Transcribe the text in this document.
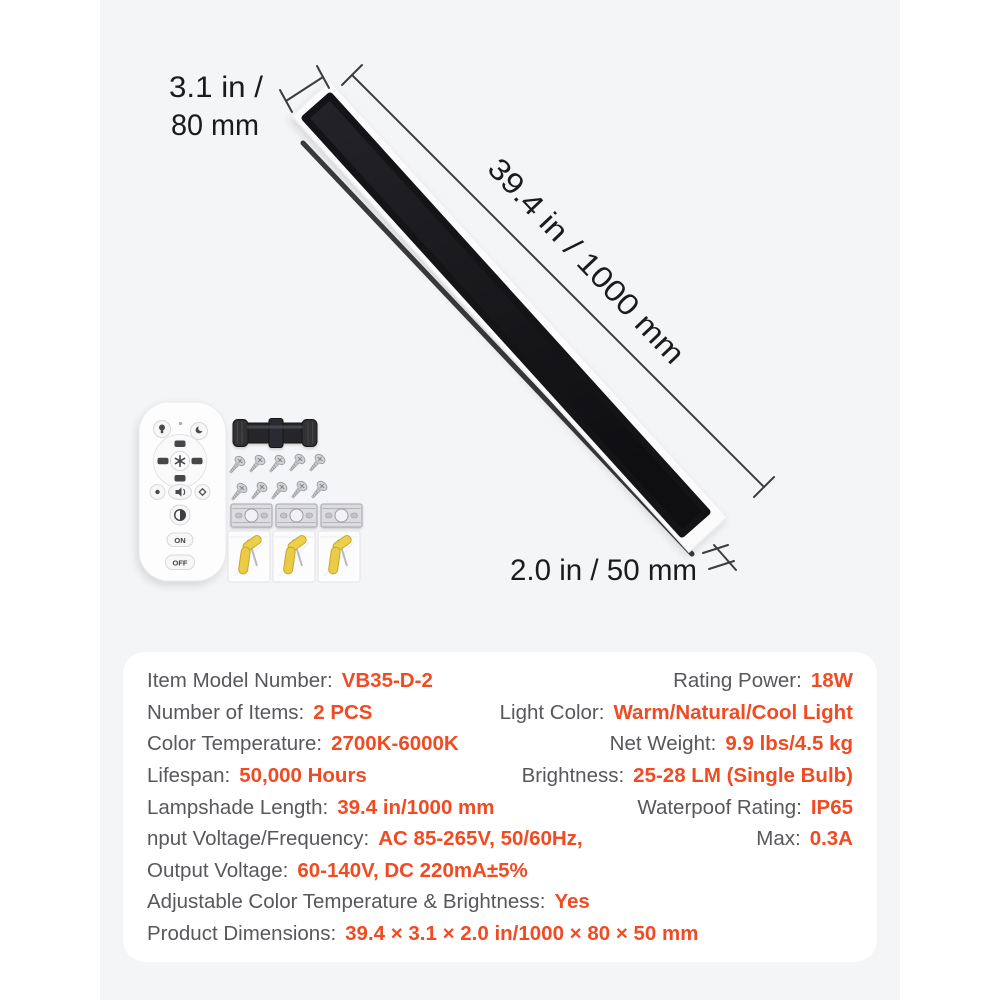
3.1 in /
80 mm
39.4 in / 1000 mm
2.0 in / 50 mm
ON
OFF
Item Model Number: VB35-D-2	Rating Power: 18W
Number of Items: 2 PCS	Light Color: Warm/Natural/Cool Light
Color Temperature: 2700K-6000K	Net Weight: 9.9 lbs/4.5 kg
Lifespan: 50,000 Hours	Brightness: 25-28 LM (Single Bulb)
Lampshade Length: 39.4 in/1000 mm	Waterpoof Rating: IP65
nput Voltage/Frequency: AC 85-265V, 50/60Hz,	Max: 0.3A
Output Voltage: 60-140V, DC 220mA±5%
Adjustable Color Temperature & Brightness: Yes
Product Dimensions: 39.4 × 3.1 × 2.0 in/1000 × 80 × 50 mm
